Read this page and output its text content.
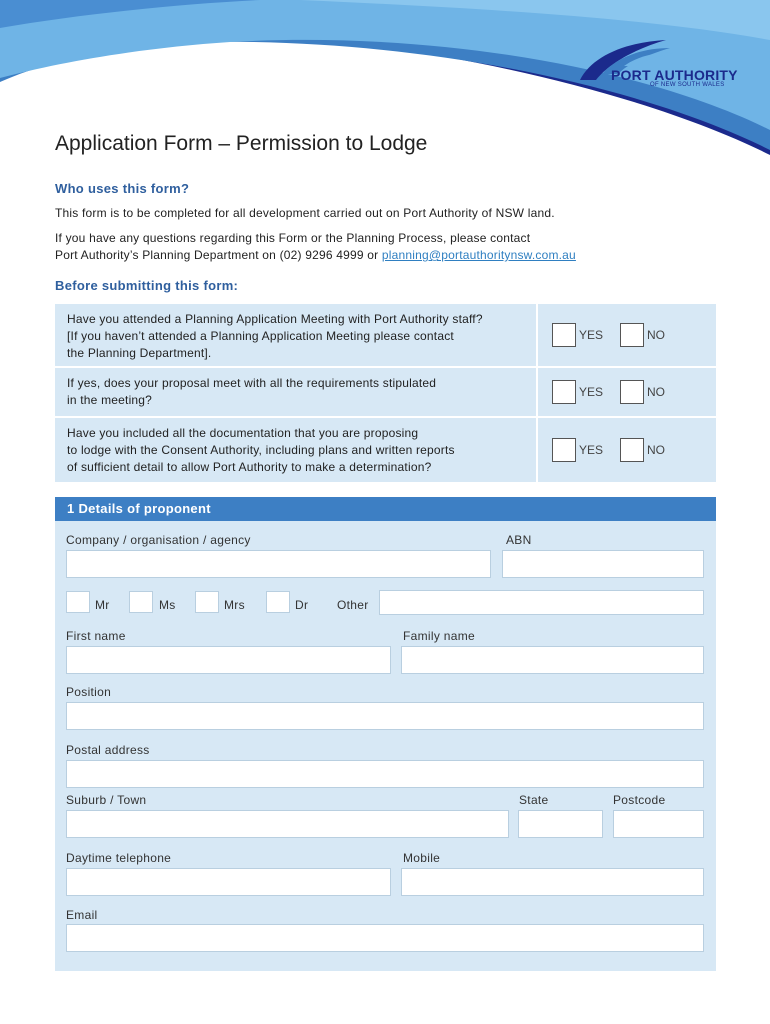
PORT AUTHORITY
OF NEW SOUTH WALES
Application Form – Permission to Lodge
Who uses this form?
This form is to be completed for all development carried out on Port Authority of NSW land.
If you have any questions regarding this Form or the Planning Process, please contact
Port Authority’s Planning Department on (02) 9296 4999 or planning@portauthoritynsw.com.au
Before submitting this form:
Have you attended a Planning Application Meeting with Port Authority staff?
[If you haven’t attended a Planning Application Meeting please contact
the Planning Department].
YES	NO
If yes, does your proposal meet with all the requirements stipulated
in the meeting?
YES	NO
Have you included all the documentation that you are proposing
to lodge with the Consent Authority, including plans and written reports
of sufficient detail to allow Port Authority to make a determination?
YES	NO
1 Details of proponent
Company / organisation / agency	ABN
Mr	Ms	Mrs	Dr Other
First name	Family name
Position
Postal address
Suburb / Town	State	Postcode
Daytime telephone	Mobile
Email
